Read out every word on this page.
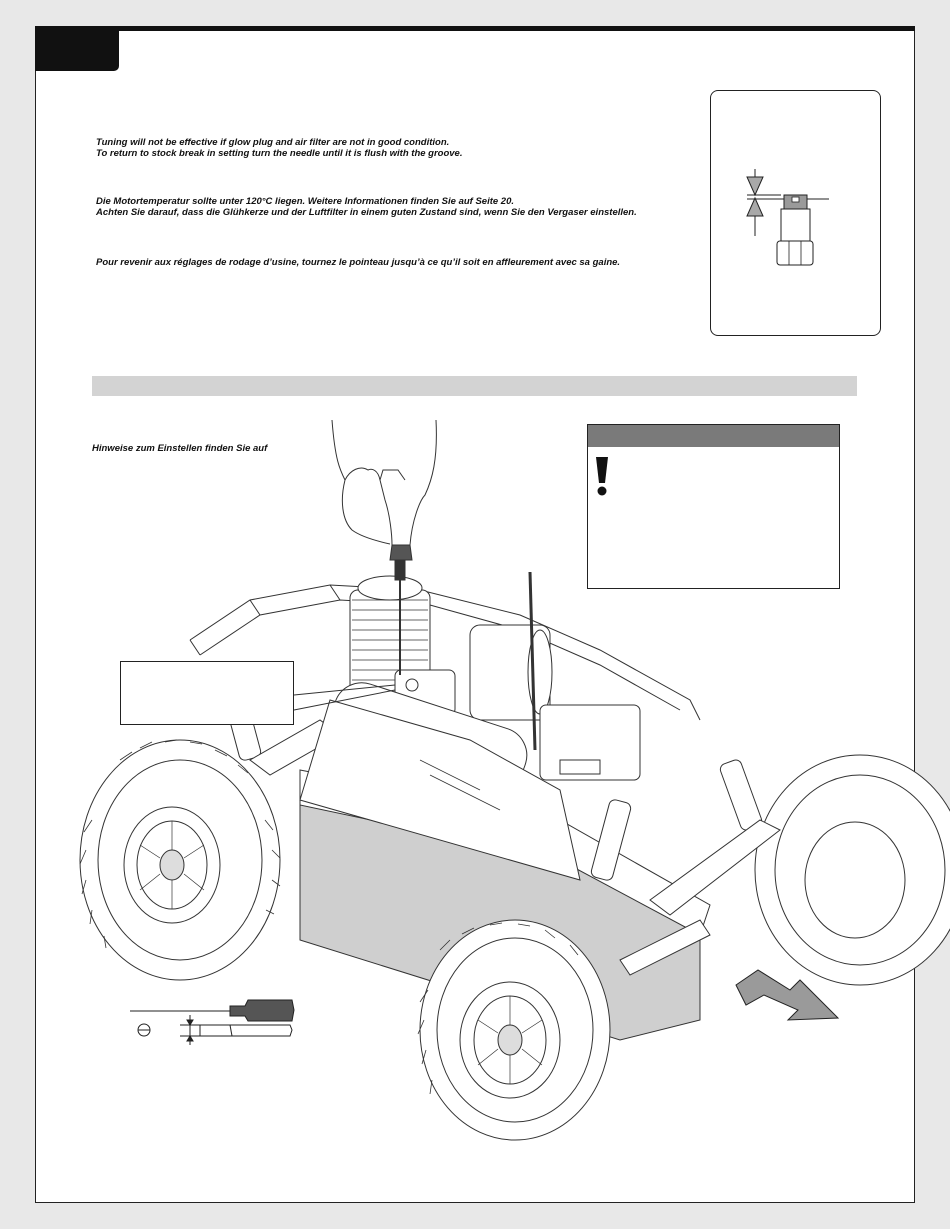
Tuning will not be effective if glow plug and air filter are not in good condition.
To return to stock break in setting turn the needle until it is flush with the groove.
Die Motortemperatur sollte unter 120°C liegen. Weitere Informationen finden Sie auf Seite 20.
Achten Sie darauf, dass die Glühkerze und der Luftfilter in einem guten Zustand sind, wenn Sie den Vergaser einstellen.
Pour revenir aux réglages de rodage d’usine, tournez le pointeau jusqu’à ce qu’il soit en affleurement avec sa gaine.
Hinweise zum Einstellen finden Sie auf
